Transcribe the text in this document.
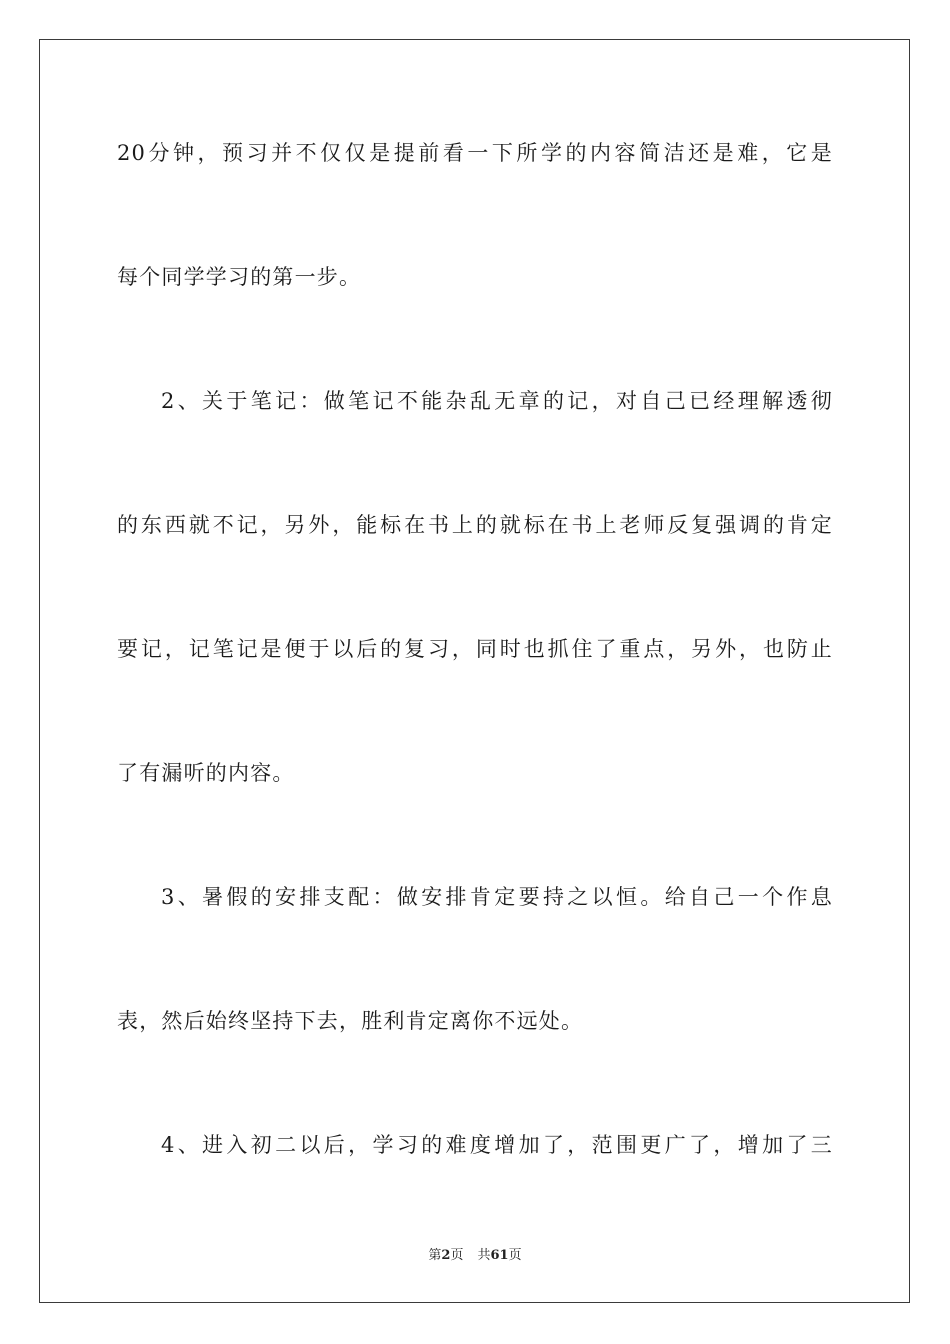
20分钟，预习并不仅仅是提前看一下所学的内容简洁还是难，它是
每个同学学习的第一步。
2、关于笔记：做笔记不能杂乱无章的记，对自己已经理解透彻
的东西就不记，另外，能标在书上的就标在书上老师反复强调的肯定
要记，记笔记是便于以后的复习，同时也抓住了重点，另外，也防止
了有漏听的内容。
3、暑假的安排支配：做安排肯定要持之以恒。给自己一个作息
表，然后始终坚持下去，胜利肯定离你不远处。
4、进入初二以后，学习的难度增加了，范围更广了，增加了三
第2页 共61页
